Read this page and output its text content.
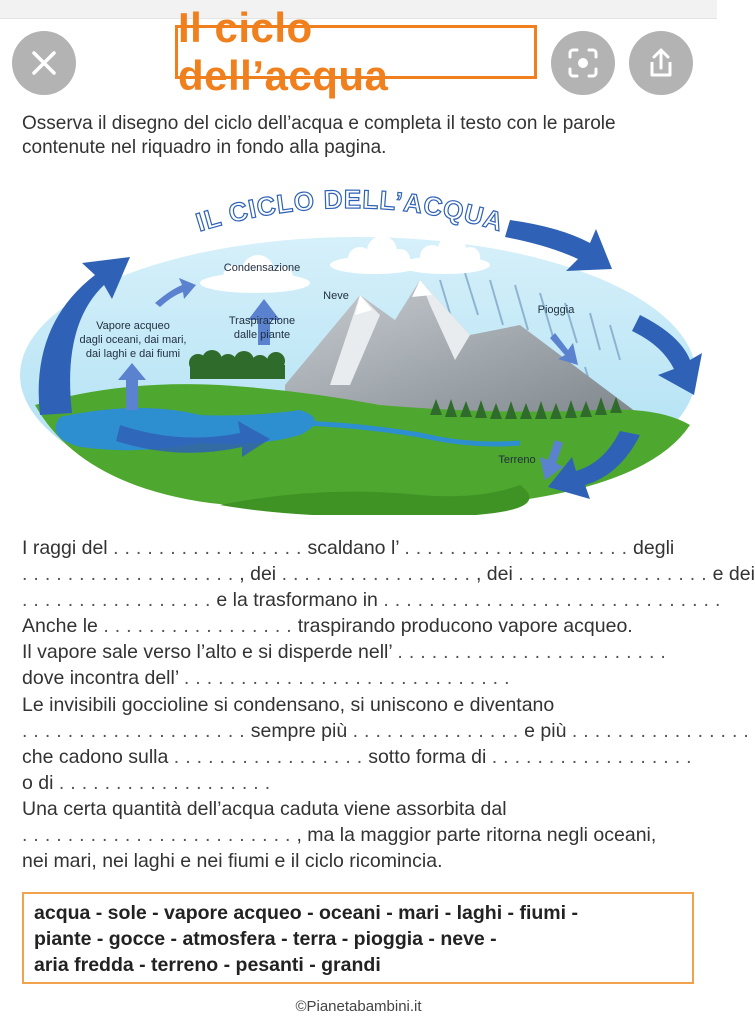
Il ciclo dell’acqua
Osserva il disegno del ciclo dell’acqua e completa il testo con le parole contenute nel riquadro in fondo alla pagina.
IL CICLO DELL’ACQUA
Condensazione
Neve
Pioggia
Vapore acqueo
dagli oceani, dai mari,
dai laghi e dai fiumi
Traspirazione
dalle piante
Terreno
I raggi del . . . . . . . . . . . . . . . . . scaldano l’ . . . . . . . . . . . . . . . . . . . . degli
. . . . . . . . . . . . . . . . . . . , dei . . . . . . . . . . . . . . . . . , dei . . . . . . . . . . . . . . . . . e dei
. . . . . . . . . . . . . . . . . e la trasformano in . . . . . . . . . . . . . . . . . . . . . . . . . . . . . .
Anche le . . . . . . . . . . . . . . . . . traspirando producono vapore acqueo.
Il vapore sale verso l’alto e si disperde nell’ . . . . . . . . . . . . . . . . . . . . . . . .
dove incontra dell’ . . . . . . . . . . . . . . . . . . . . . . . . . . . . .
Le invisibili goccioline si condensano, si uniscono e diventano
. . . . . . . . . . . . . . . . . . . . sempre più . . . . . . . . . . . . . . . e più . . . . . . . . . . . . . . . .
che cadono sulla . . . . . . . . . . . . . . . . . sotto forma di . . . . . . . . . . . . . . . . . .
o di . . . . . . . . . . . . . . . . . . .
Una certa quantità dell’acqua caduta viene assorbita dal
. . . . . . . . . . . . . . . . . . . . . . . . , ma la maggior parte ritorna negli oceani,
nei mari, nei laghi e nei fiumi e il ciclo ricomincia.
acqua - sole - vapore acqueo - oceani - mari - laghi - fiumi -
piante - gocce - atmosfera - terra - pioggia - neve -
aria fredda - terreno - pesanti - grandi
©Pianetabambini.it
